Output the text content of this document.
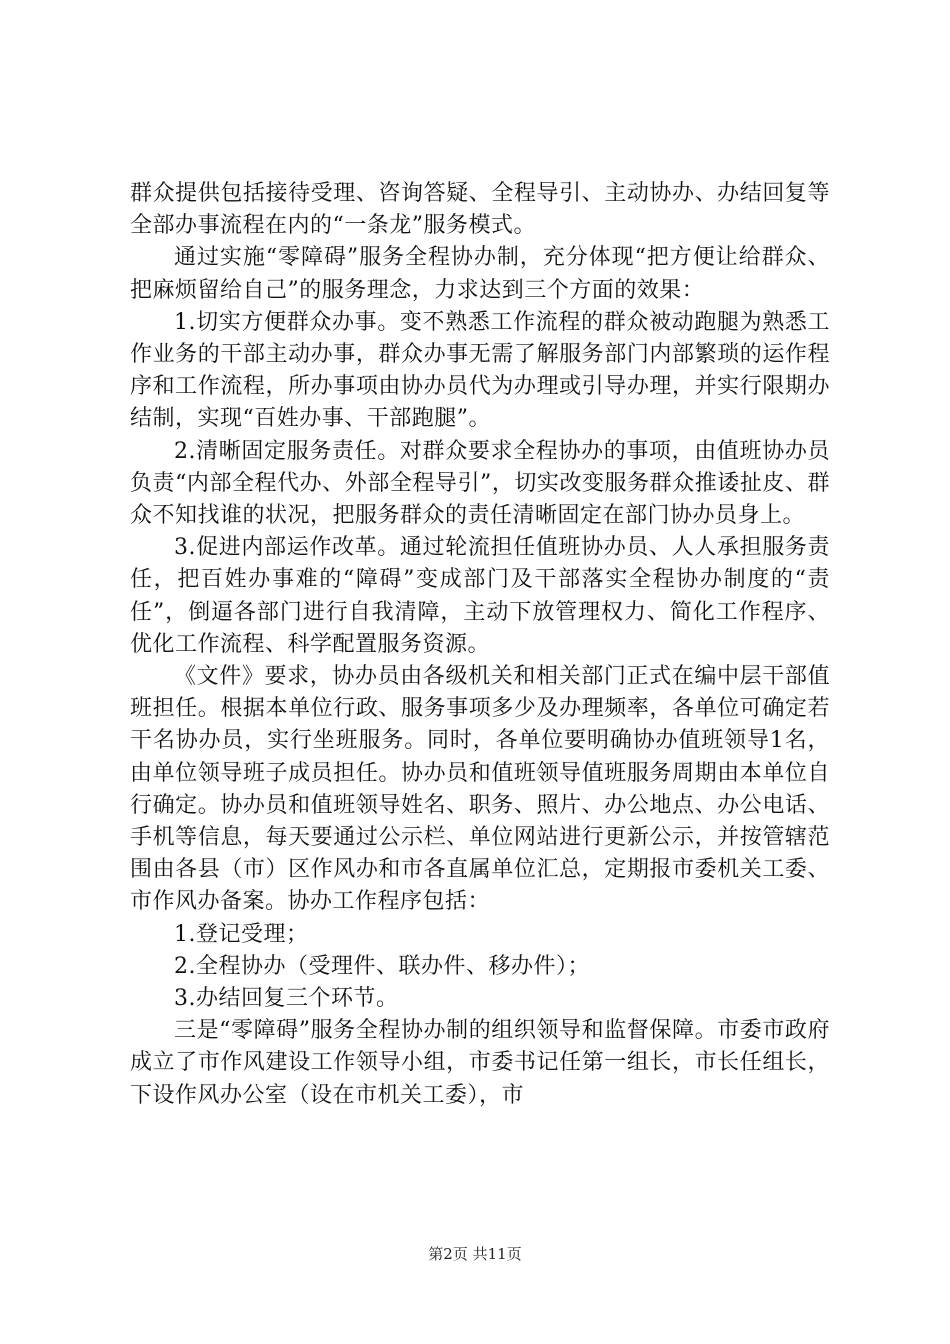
群众提供包括接待受理、咨询答疑、全程导引、主动协办、办结回复等全部办事流程在内的“一条龙”服务模式。

通过实施“零障碍”服务全程协办制，充分体现“把方便让给群众、把麻烦留给自己”的服务理念，力求达到三个方面的效果：

1.切实方便群众办事。变不熟悉工作流程的群众被动跑腿为熟悉工作业务的干部主动办事，群众办事无需了解服务部门内部繁琐的运作程序和工作流程，所办事项由协办员代为办理或引导办理，并实行限期办结制，实现“百姓办事、干部跑腿”。

2.清晰固定服务责任。对群众要求全程协办的事项，由值班协办员负责“内部全程代办、外部全程导引”，切实改变服务群众推诿扯皮、群众不知找谁的状况，把服务群众的责任清晰固定在部门协办员身上。

3.促进内部运作改革。通过轮流担任值班协办员、人人承担服务责任，把百姓办事难的“障碍”变成部门及干部落实全程协办制度的“责任”，倒逼各部门进行自我清障，主动下放管理权力、简化工作程序、优化工作流程、科学配置服务资源。

《文件》要求，协办员由各级机关和相关部门正式在编中层干部值班担任。根据本单位行政、服务事项多少及办理频率，各单位可确定若干名协办员，实行坐班服务。同时，各单位要明确协办值班领导1名，由单位领导班子成员担任。协办员和值班领导值班服务周期由本单位自行确定。协办员和值班领导姓名、职务、照片、办公地点、办公电话、手机等信息，每天要通过公示栏、单位网站进行更新公示，并按管辖范围由各县（市）区作风办和市各直属单位汇总，定期报市委机关工委、市作风办备案。协办工作程序包括：

1.登记受理；

2.全程协办（受理件、联办件、移办件）；

3.办结回复三个环节。

三是“零障碍”服务全程协办制的组织领导和监督保障。市委市政府成立了市作风建设工作领导小组，市委书记任第一组长，市长任组长，下设作风办公室（设在市机关工委），市

第2页 共11页
